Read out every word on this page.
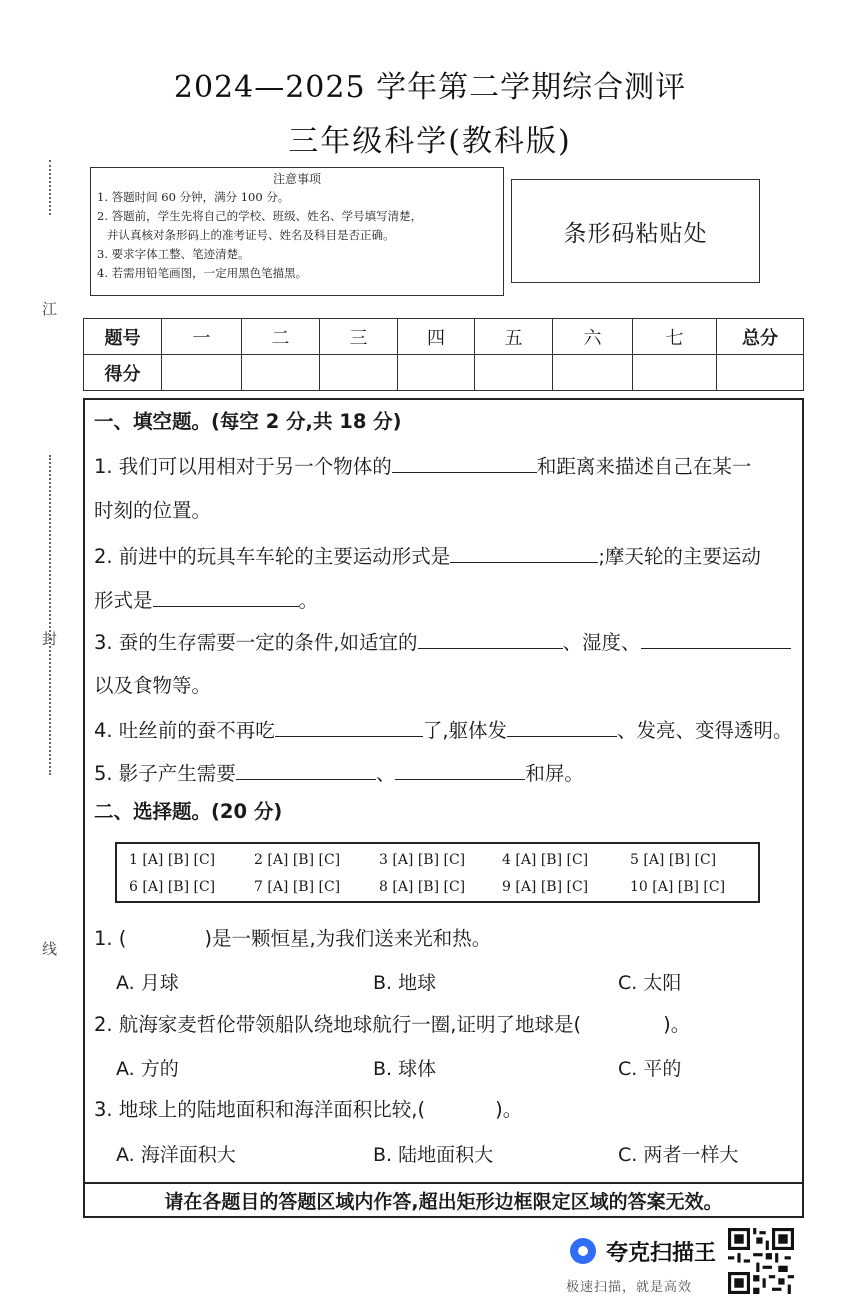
2024—2025 学年第二学期综合测评
三年级科学(教科版)
江
封
线
注意事项
1. 答题时间 60 分钟，满分 100 分。
2. 答题前，学生先将自己的学校、班级、姓名、学号填写清楚，
并认真核对条形码上的准考证号、姓名及科目是否正确。
3. 要求字体工整、笔迹清楚。
4. 若需用铅笔画图，一定用黑色笔描黑。
条形码粘贴处
题号	一	二	三	四	五	六	七	总分
得分								
一、填空题。(每空 2 分,共 18 分)
1. 我们可以用相对于另一个物体的	和距离来描述自己在某一
时刻的位置。
2. 前进中的玩具车车轮的主要运动形式是	;摩天轮的主要运动
形式是	。
3. 蚕的生存需要一定的条件,如适宜的	、湿度、
以及食物等。
4. 吐丝前的蚕不再吃	了,躯体发	、发亮、变得透明。
5. 影子产生需要	、	和屏。
二、选择题。(20 分)
1 [A] [B] [C]	2 [A] [B] [C]	3 [A] [B] [C]	4 [A] [B] [C]	5 [A] [B] [C]
6 [A] [B] [C]	7 [A] [B] [C]	8 [A] [B] [C]	9 [A] [B] [C]	10 [A] [B] [C]
1. (	)是一颗恒星,为我们送来光和热。
A. 月球	B. 地球	C. 太阳
2. 航海家麦哲伦带领船队绕地球航行一圈,证明了地球是(	)。
A. 方的	B. 球体	C. 平的
3. 地球上的陆地面积和海洋面积比较,(	)。
A. 海洋面积大	B. 陆地面积大	C. 两者一样大
请在各题目的答题区域内作答,超出矩形边框限定区域的答案无效。
夸克扫描王
极速扫描，就是高效
